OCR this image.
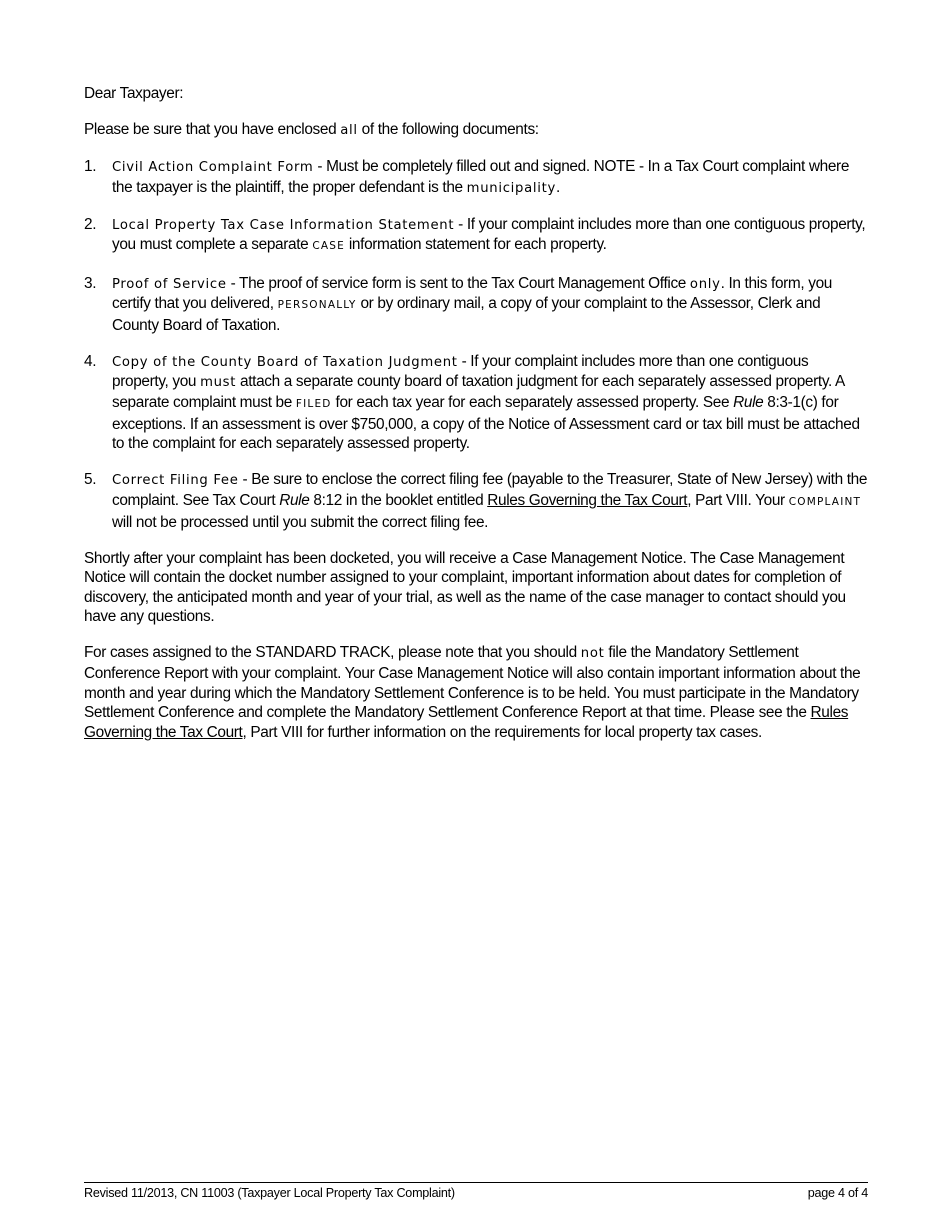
Dear Taxpayer:

Please be sure that you have enclosed all of the following documents:

1. Civil Action Complaint Form - Must be completely filled out and signed. NOTE - In a Tax Court complaint where the taxpayer is the plaintiff, the proper defendant is the municipality.
2. Local Property Tax Case Information Statement - If your complaint includes more than one contiguous property, you must complete a separate CASE information statement for each property.
3. Proof of Service - The proof of service form is sent to the Tax Court Management Office only. In this form, you certify that you delivered, PERSONALLY or by ordinary mail, a copy of your complaint to the Assessor, Clerk and County Board of Taxation.
4. Copy of the County Board of Taxation Judgment - If your complaint includes more than one contiguous property, you must attach a separate county board of taxation judgment for each separately assessed property. A separate complaint must be FILED for each tax year for each separately assessed property. See Rule 8:3-1(c) for exceptions. If an assessment is over $750,000, a copy of the Notice of Assessment card or tax bill must be attached to the complaint for each separately assessed property.
5. Correct Filing Fee - Be sure to enclose the correct filing fee (payable to the Treasurer, State of New Jersey) with the complaint. See Tax Court Rule 8:12 in the booklet entitled Rules Governing the Tax Court, Part VIII. Your COMPLAINT will not be processed until you submit the correct filing fee.

Shortly after your complaint has been docketed, you will receive a Case Management Notice. The Case Management Notice will contain the docket number assigned to your complaint, important information about dates for completion of discovery, the anticipated month and year of your trial, as well as the name of the case manager to contact should you have any questions.

For cases assigned to the STANDARD TRACK, please note that you should not file the Mandatory Settlement Conference Report with your complaint. Your Case Management Notice will also contain important information about the month and year during which the Mandatory Settlement Conference is to be held. You must participate in the Mandatory Settlement Conference and complete the Mandatory Settlement Conference Report at that time. Please see the Rules Governing the Tax Court, Part VIII for further information on the requirements for local property tax cases.

Revised 11/2013, CN 11003 (Taxpayer Local Property Tax Complaint)	page 4 of 4
